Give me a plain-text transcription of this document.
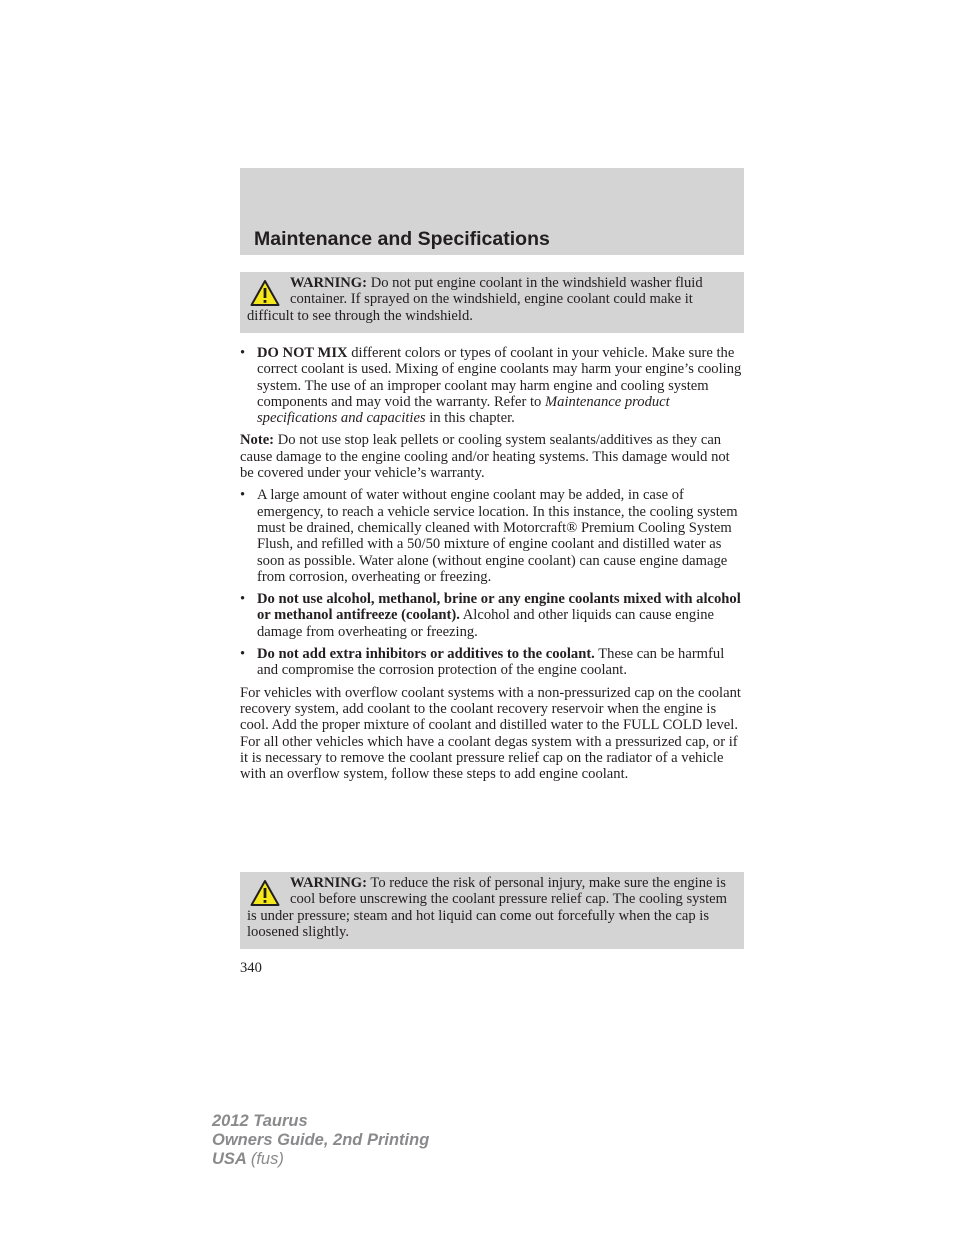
Maintenance and Specifications
WARNING: Do not put engine coolant in the windshield washer fluid container. If sprayed on the windshield, engine coolant could make it difficult to see through the windshield.
• DO NOT MIX different colors or types of coolant in your vehicle. Make sure the correct coolant is used. Mixing of engine coolants may harm your engine’s cooling system. The use of an improper coolant may harm engine and cooling system components and may void the warranty. Refer to Maintenance product specifications and capacities in this chapter.

Note: Do not use stop leak pellets or cooling system sealants/additives as they can cause damage to the engine cooling and/or heating systems. This damage would not be covered under your vehicle’s warranty.

• A large amount of water without engine coolant may be added, in case of emergency, to reach a vehicle service location. In this instance, the cooling system must be drained, chemically cleaned with Motorcraft® Premium Cooling System Flush, and refilled with a 50/50 mixture of engine coolant and distilled water as soon as possible. Water alone (without engine coolant) can cause engine damage from corrosion, overheating or freezing.
• Do not use alcohol, methanol, brine or any engine coolants mixed with alcohol or methanol antifreeze (coolant). Alcohol and other liquids can cause engine damage from overheating or freezing.
• Do not add extra inhibitors or additives to the coolant. These can be harmful and compromise the corrosion protection of the engine coolant.

For vehicles with overflow coolant systems with a non-pressurized cap on the coolant recovery system, add coolant to the coolant recovery reservoir when the engine is cool. Add the proper mixture of coolant and distilled water to the FULL COLD level. For all other vehicles which have a coolant degas system with a pressurized cap, or if it is necessary to remove the coolant pressure relief cap on the radiator of a vehicle with an overflow system, follow these steps to add engine coolant.

WARNING: To reduce the risk of personal injury, make sure the engine is cool before unscrewing the coolant pressure relief cap. The cooling system is under pressure; steam and hot liquid can come out forcefully when the cap is loosened slightly.
340
2012 Taurus
Owners Guide, 2nd Printing
USA (fus)
